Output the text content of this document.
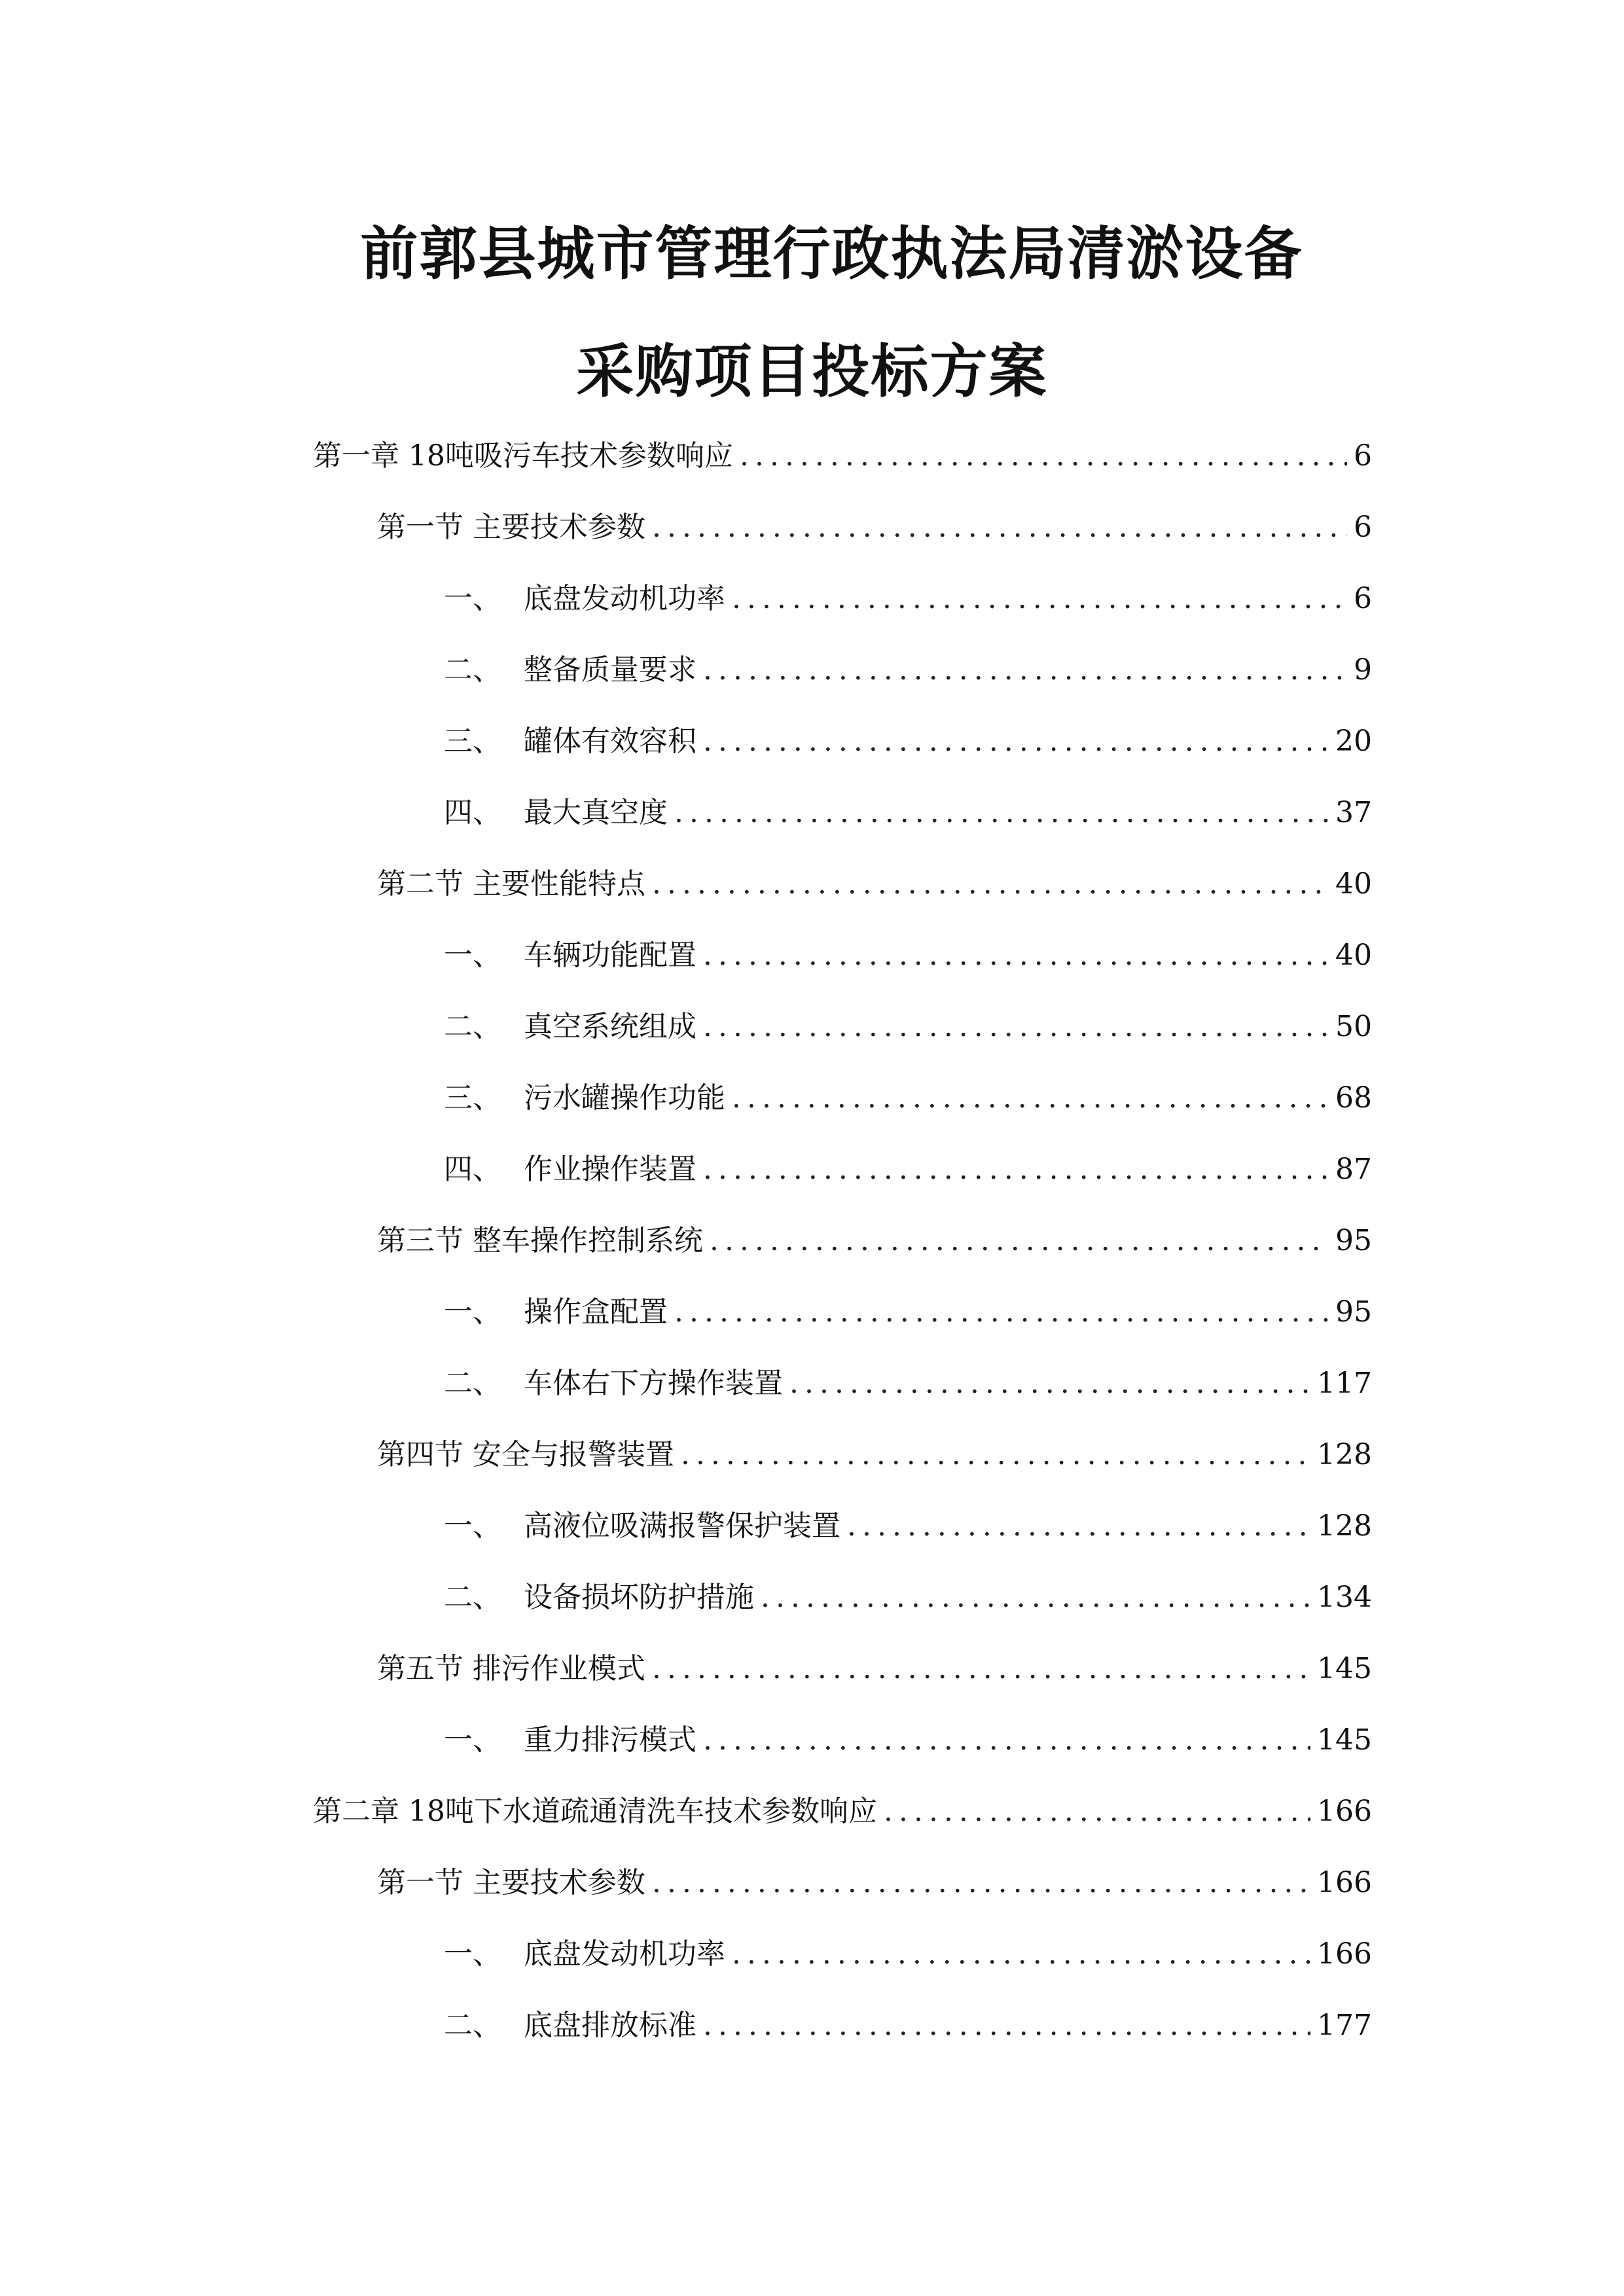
前郭县城市管理行政执法局清淤设备
采购项目投标方案
第一章 18吨吸污车技术参数响应 .....	6
第一节 主要技术参数 .....	6
一、 底盘发动机功率 .....	6
二、 整备质量要求 .....	9
三、 罐体有效容积 .....	20
四、 最大真空度 .....	37
第二节 主要性能特点 .....	40
一、 车辆功能配置 .....	40
二、 真空系统组成 .....	50
三、 污水罐操作功能 .....	68
四、 作业操作装置 .....	87
第三节 整车操作控制系统 .....	95
一、 操作盒配置 .....	95
二、 车体右下方操作装置 .....	117
第四节 安全与报警装置 .....	128
一、 高液位吸满报警保护装置 .....	128
二、 设备损坏防护措施 .....	134
第五节 排污作业模式 .....	145
一、 重力排污模式 .....	145
第二章 18吨下水道疏通清洗车技术参数响应 .....	166
第一节 主要技术参数 .....	166
一、 底盘发动机功率 .....	166
二、 底盘排放标准 .....	177
